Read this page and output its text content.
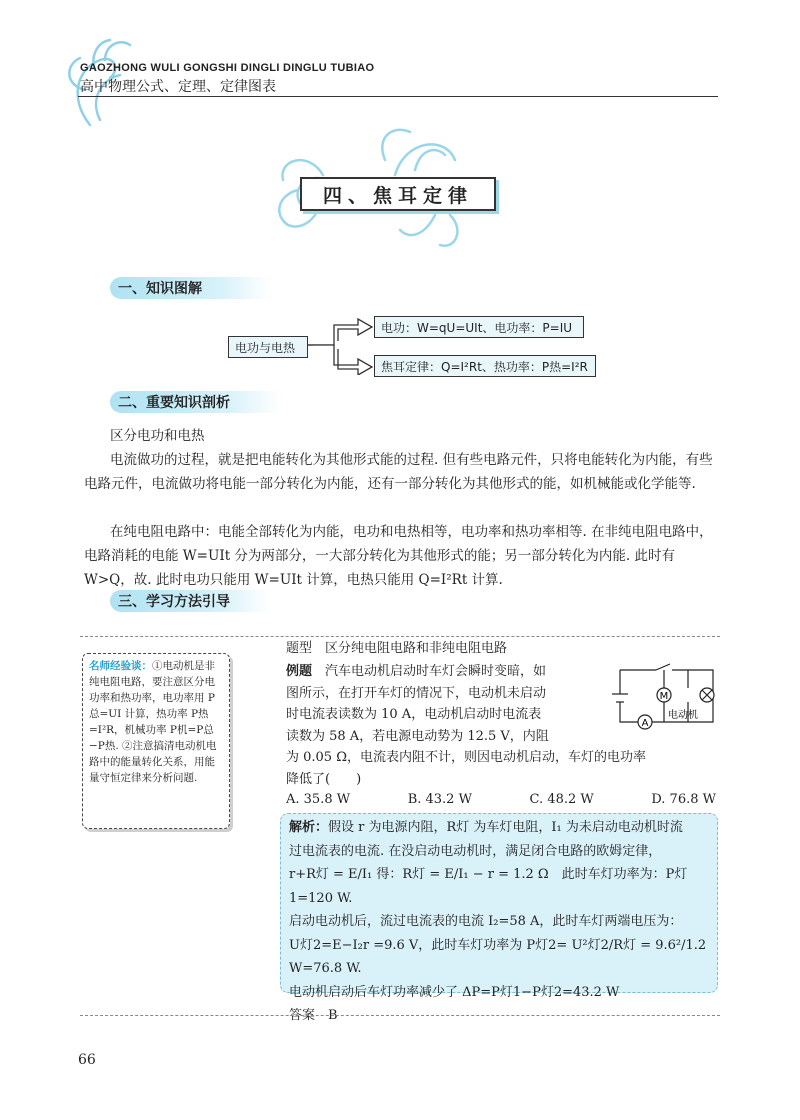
GAOZHONG WULI GONGSHI DINGLI DINGLU TUBIAO
高中物理公式、定理、定律图表
四、焦耳定律
一、知识图解
电功与电热
电功：W=qU=UIt、电功率：P=IU
焦耳定律：Q=I²Rt、热功率：P热=I²R
二、重要知识剖析
区分电功和电热
电流做功的过程，就是把电能转化为其他形式能的过程. 但有些电路元件，只将电能转化为内能，有些电路元件，电流做功将电能一部分转化为内能，还有一部分转化为其他形式的能，如机械能或化学能等.
在纯电阻电路中：电能全部转化为内能，电功和电热相等，电功率和热功率相等. 在非纯电阻电路中，电路消耗的电能 W=UIt 分为两部分，一大部分转化为其他形式的能；另一部分转化为内能. 此时有 W>Q，故. 此时电功只能用 W=UIt 计算，电热只能用 Q=I²Rt 计算.
三、学习方法引导
名师经验谈：①电动机是非纯电阻电路，要注意区分电功率和热功率，电功率用 P总=UI 计算，热功率 P热=I²R，机械功率 P机=P总−P热. ②注意搞清电动机电路中的能量转化关系，用能量守恒定律来分析问题.
题型　区分纯电阻电路和非纯电阻电路
例题　 汽车电动机启动时车灯会瞬时变暗，如
图所示，在打开车灯的情况下，电动机未启动
时电流表读数为 10 A，电动机启动时电流表
读数为 58 A，若电源电动势为 12.5 V，内阻
为 0.05 Ω，电流表内阻不计，则因电动机启动，车灯的电功率
降低了(　　)
A
M
电动机
A. 35.8 W	B. 43.2 W	C. 48.2 W	D. 76.8 W
解析：假设 r 为电源内阻，R灯 为车灯电阻，I₁ 为未启动电动机时流
过电流表的电流. 在没启动电动机时，满足闭合电路的欧姆定律，
r+R灯 = E/I₁ 得：R灯 = E/I₁ − r = 1.2 Ω　此时车灯功率为：P灯1=120 W.
启动电动机后，流过电流表的电流 I₂=58 A，此时车灯两端电压为：
U灯2=E−I₂r =9.6 V，此时车灯功率为 P灯2= U²灯2/R灯 = 9.6²/1.2 W=76.8 W.
电动机启动后车灯功率减少了 ΔP=P灯1−P灯2=43.2 W
答案　B
66
